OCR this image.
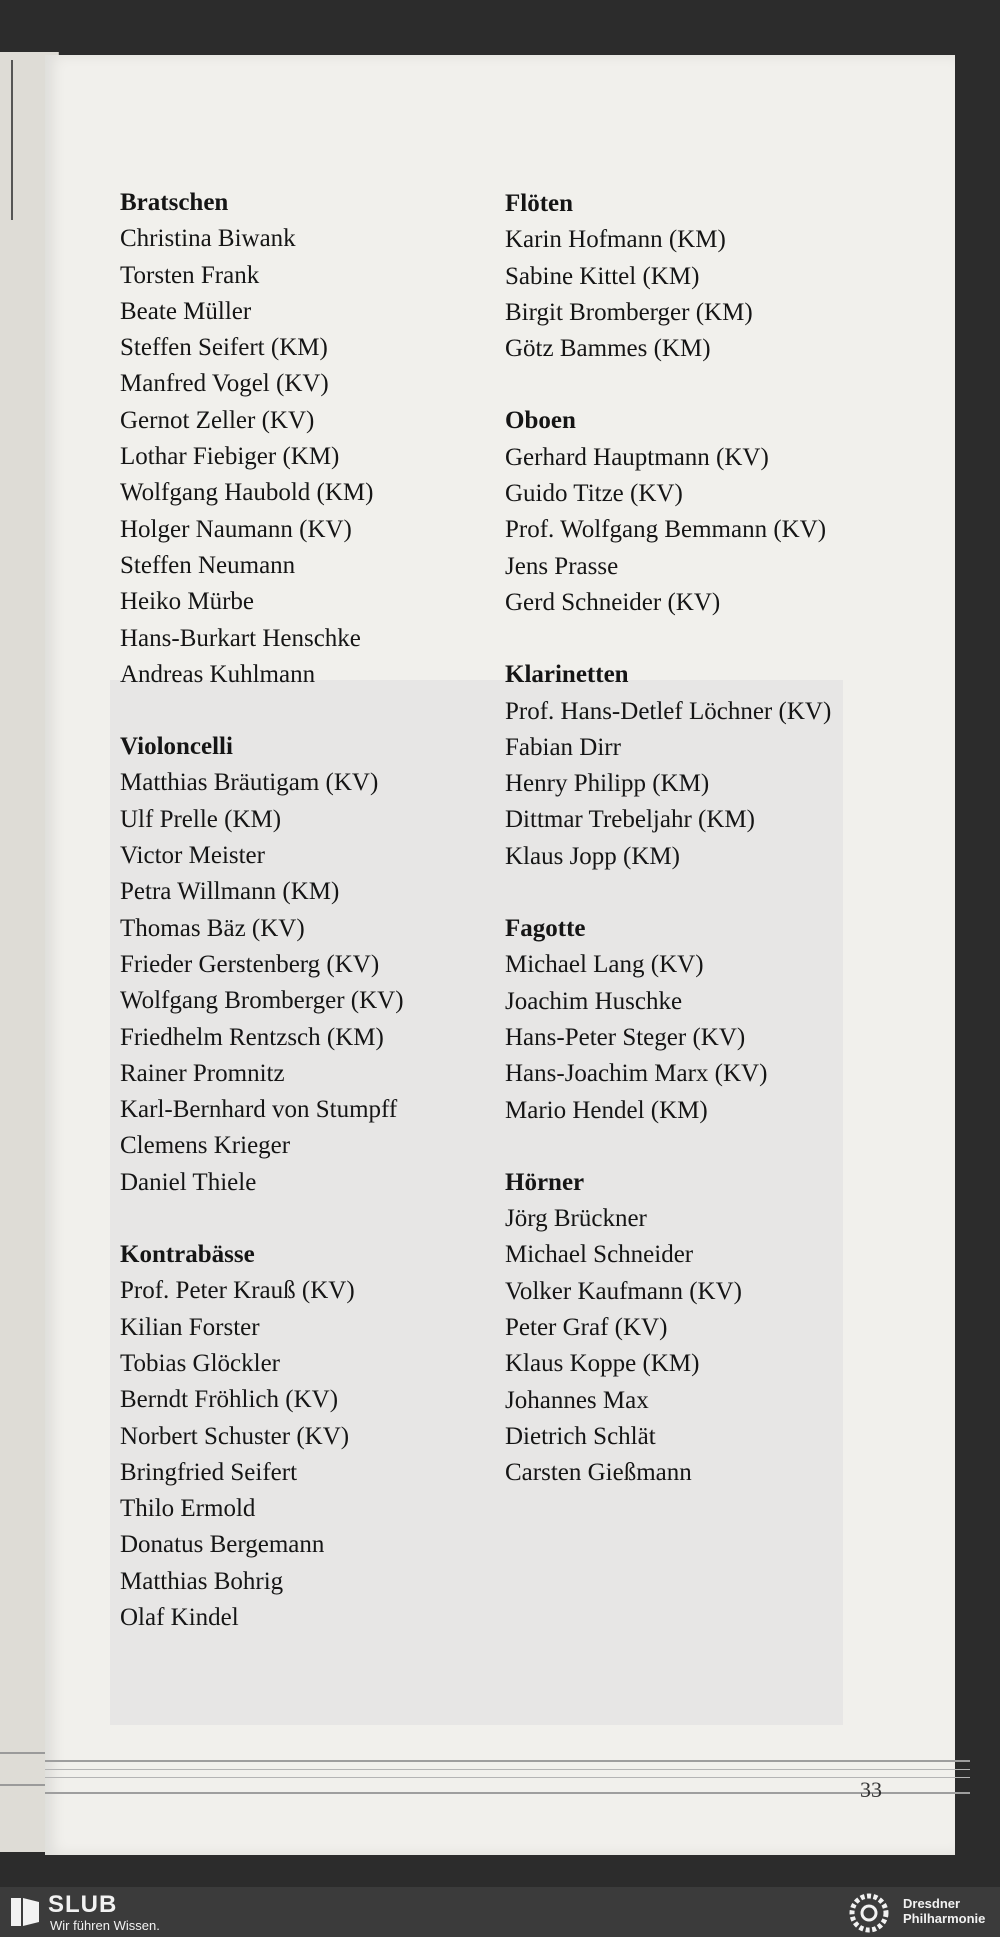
33
Bratschen
Christina Biwank
Torsten Frank
Beate Müller
Steffen Seifert (KM)
Manfred Vogel (KV)
Gernot Zeller (KV)
Lothar Fiebiger (KM)
Wolfgang Haubold (KM)
Holger Naumann (KV)
Steffen Neumann
Heiko Mürbe
Hans-Burkart Henschke
Andreas Kuhlmann
Violoncelli
Matthias Bräutigam (KV)
Ulf Prelle (KM)
Victor Meister
Petra Willmann (KM)
Thomas Bäz (KV)
Frieder Gerstenberg (KV)
Wolfgang Bromberger (KV)
Friedhelm Rentzsch (KM)
Rainer Promnitz
Karl-Bernhard von Stumpff
Clemens Krieger
Daniel Thiele
Kontrabässe
Prof. Peter Krauß (KV)
Kilian Forster
Tobias Glöckler
Berndt Fröhlich (KV)
Norbert Schuster (KV)
Bringfried Seifert
Thilo Ermold
Donatus Bergemann
Matthias Bohrig
Olaf Kindel
Flöten
Karin Hofmann (KM)
Sabine Kittel (KM)
Birgit Bromberger (KM)
Götz Bammes (KM)
Oboen
Gerhard Hauptmann (KV)
Guido Titze (KV)
Prof. Wolfgang Bemmann (KV)
Jens Prasse
Gerd Schneider (KV)
Klarinetten
Prof. Hans-Detlef Löchner (KV)
Fabian Dirr
Henry Philipp (KM)
Dittmar Trebeljahr (KM)
Klaus Jopp (KM)
Fagotte
Michael Lang (KV)
Joachim Huschke
Hans-Peter Steger (KV)
Hans-Joachim Marx (KV)
Mario Hendel (KM)
Hörner
Jörg Brückner
Michael Schneider
Volker Kaufmann (KV)
Peter Graf (KV)
Klaus Koppe (KM)
Johannes Max
Dietrich Schlät
Carsten Gießmann
SLUB
Wir führen Wissen.
Dresdner
Philharmonie
